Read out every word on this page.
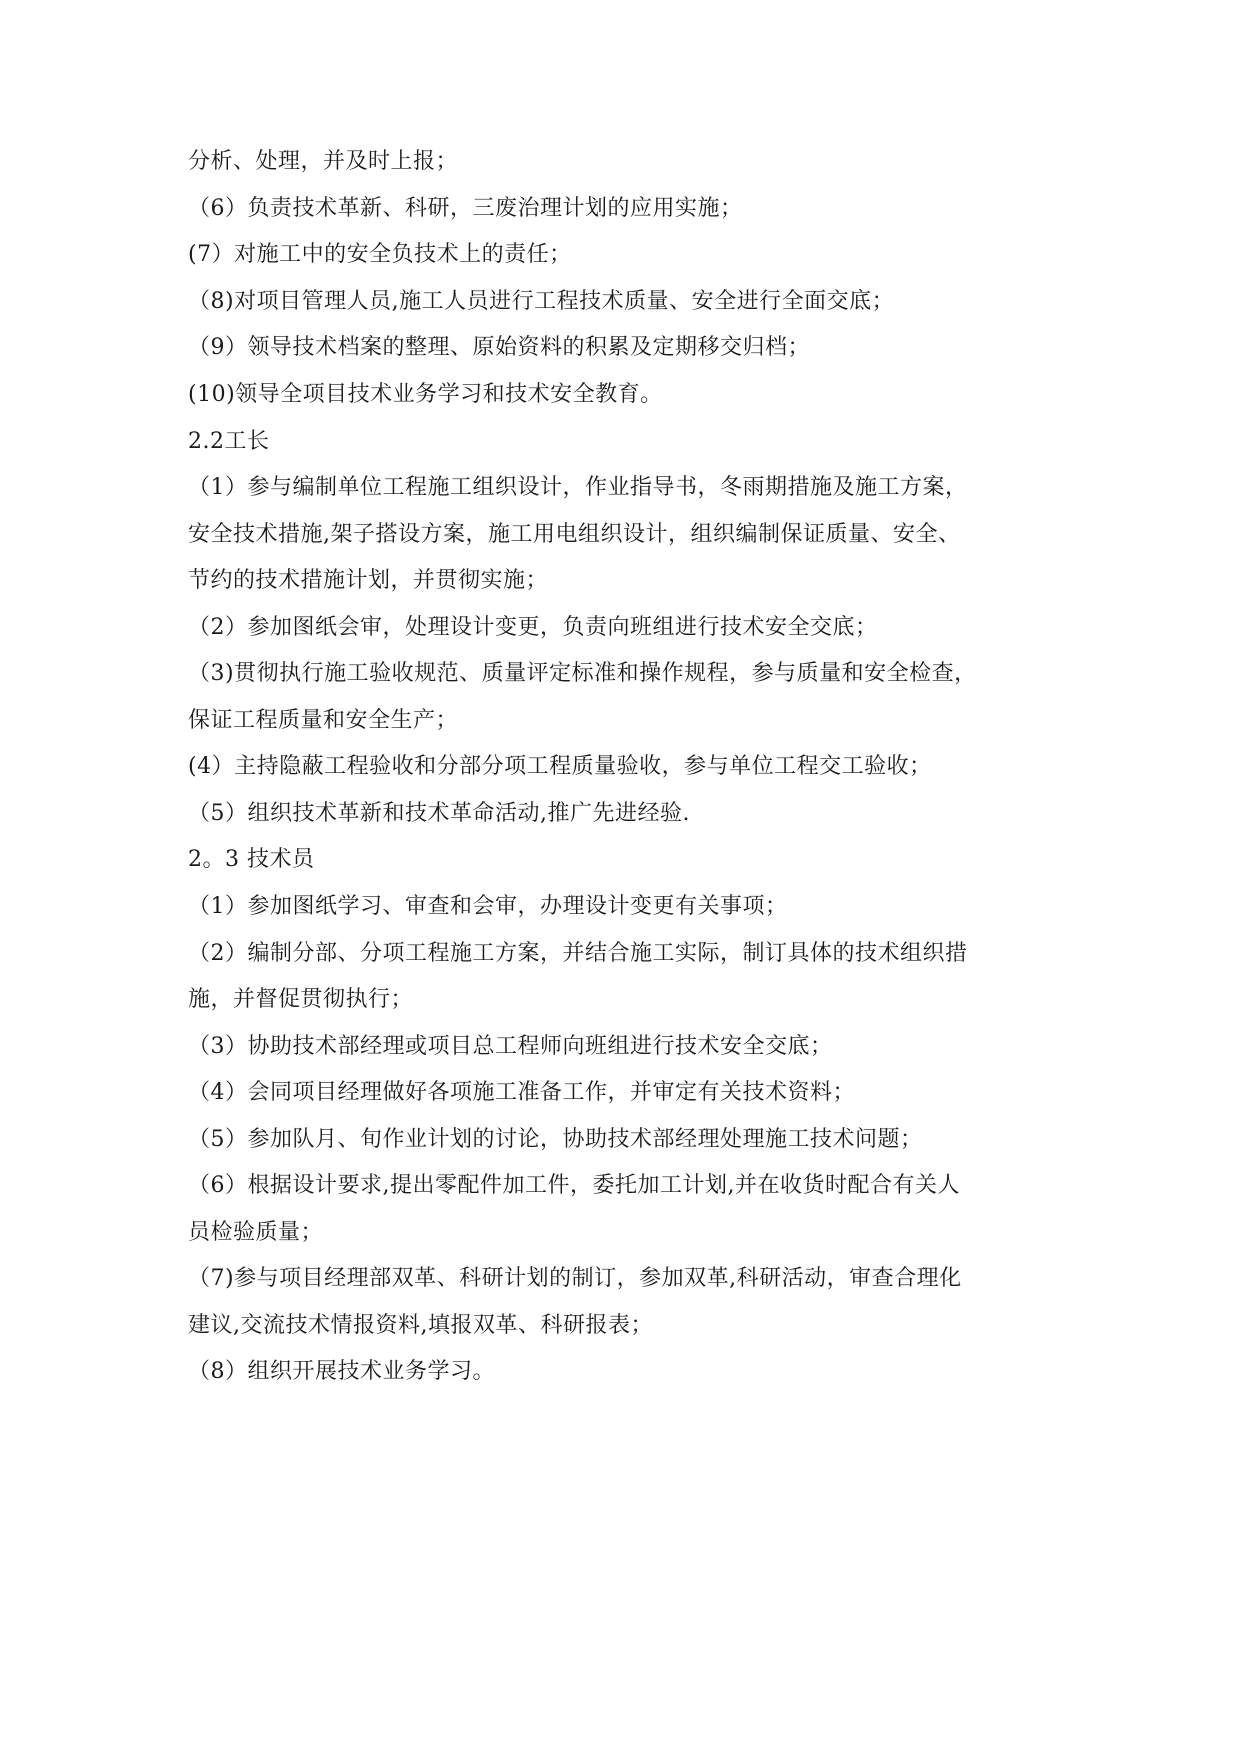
分析、处理，并及时上报；

（6）负责技术革新、科研，三废治理计划的应用实施；

(7）对施工中的安全负技术上的责任；

（8)对项目管理人员,施工人员进行工程技术质量、安全进行全面交底；

（9）领导技术档案的整理、原始资料的积累及定期移交归档；

(10)领导全项目技术业务学习和技术安全教育。

2.2工长

（1）参与编制单位工程施工组织设计，作业指导书，冬雨期措施及施工方案，

安全技术措施,架子搭设方案，施工用电组织设计，组织编制保证质量、安全、

节约的技术措施计划，并贯彻实施；

（2）参加图纸会审，处理设计变更，负责向班组进行技术安全交底；

（3)贯彻执行施工验收规范、质量评定标准和操作规程，参与质量和安全检查，

保证工程质量和安全生产；

(4）主持隐蔽工程验收和分部分项工程质量验收，参与单位工程交工验收；

（5）组织技术革新和技术革命活动,推广先进经验.

2。3 技术员

（1）参加图纸学习、审查和会审，办理设计变更有关事项；

（2）编制分部、分项工程施工方案，并结合施工实际，制订具体的技术组织措

施，并督促贯彻执行；

（3）协助技术部经理或项目总工程师向班组进行技术安全交底；

（4）会同项目经理做好各项施工准备工作，并审定有关技术资料；

（5）参加队月、旬作业计划的讨论，协助技术部经理处理施工技术问题；

（6）根据设计要求,提出零配件加工件，委托加工计划,并在收货时配合有关人

员检验质量；

（7)参与项目经理部双革、科研计划的制订，参加双革,科研活动，审查合理化

建议,交流技术情报资料,填报双革、科研报表；

（8）组织开展技术业务学习。
